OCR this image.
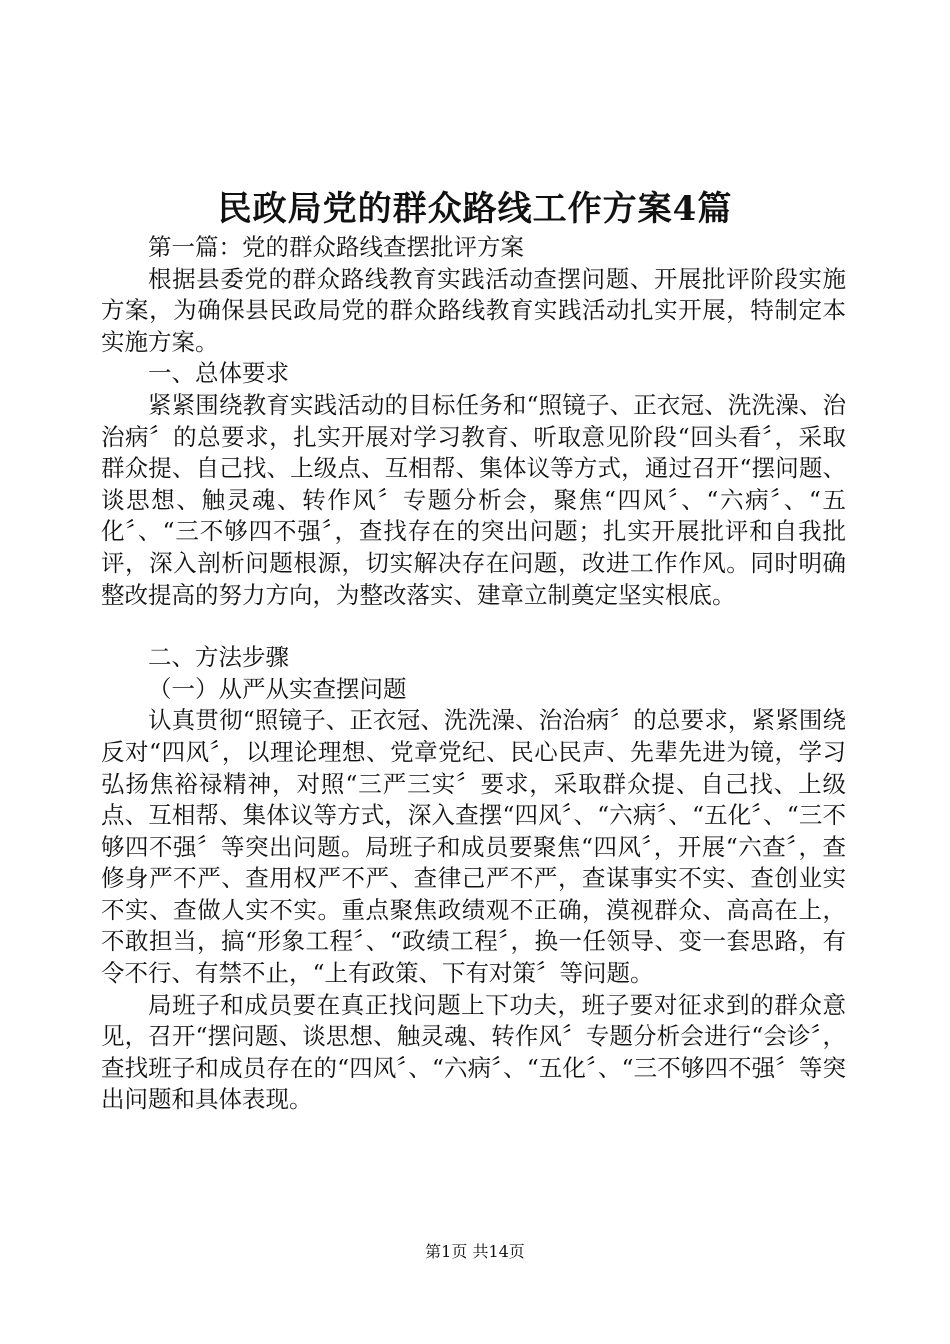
民政局党的群众路线工作方案4篇

第一篇：党的群众路线查摆批评方案

根据县委党的群众路线教育实践活动查摆问题、开展批评阶段实施方案，为确保县民政局党的群众路线教育实践活动扎实开展，特制定本实施方案。

一、总体要求

紧紧围绕教育实践活动的目标任务和“照镜子、正衣冠、洗洗澡、治治病〞的总要求，扎实开展对学习教育、听取意见阶段“回头看〞，采取群众提、自己找、上级点、互相帮、集体议等方式，通过召开“摆问题、谈思想、触灵魂、转作风〞专题分析会，聚焦“四风〞、“六病〞、“五化〞、“三不够四不强〞，查找存在的突出问题；扎实开展批评和自我批评，深入剖析问题根源，切实解决存在问题，改进工作作风。同时明确整改提高的努力方向，为整改落实、建章立制奠定坚实根底。

二、方法步骤

（一）从严从实查摆问题

认真贯彻“照镜子、正衣冠、洗洗澡、治治病〞的总要求，紧紧围绕反对“四风〞，以理论理想、党章党纪、民心民声、先辈先进为镜，学习弘扬焦裕禄精神，对照“三严三实〞要求，采取群众提、自己找、上级点、互相帮、集体议等方式，深入查摆“四风〞、“六病〞、“五化〞、“三不够四不强〞等突出问题。局班子和成员要聚焦“四风〞，开展“六查〞，查修身严不严、查用权严不严、查律己严不严，查谋事实不实、查创业实不实、查做人实不实。重点聚焦政绩观不正确，漠视群众、高高在上，不敢担当，搞“形象工程〞、“政绩工程〞，换一任领导、变一套思路，有令不行、有禁不止，“上有政策、下有对策〞等问题。

局班子和成员要在真正找问题上下功夫，班子要对征求到的群众意见，召开“摆问题、谈思想、触灵魂、转作风〞专题分析会进行“会诊〞，查找班子和成员存在的“四风〞、“六病〞、“五化〞、“三不够四不强〞等突出问题和具体表现。

第1页 共14页
